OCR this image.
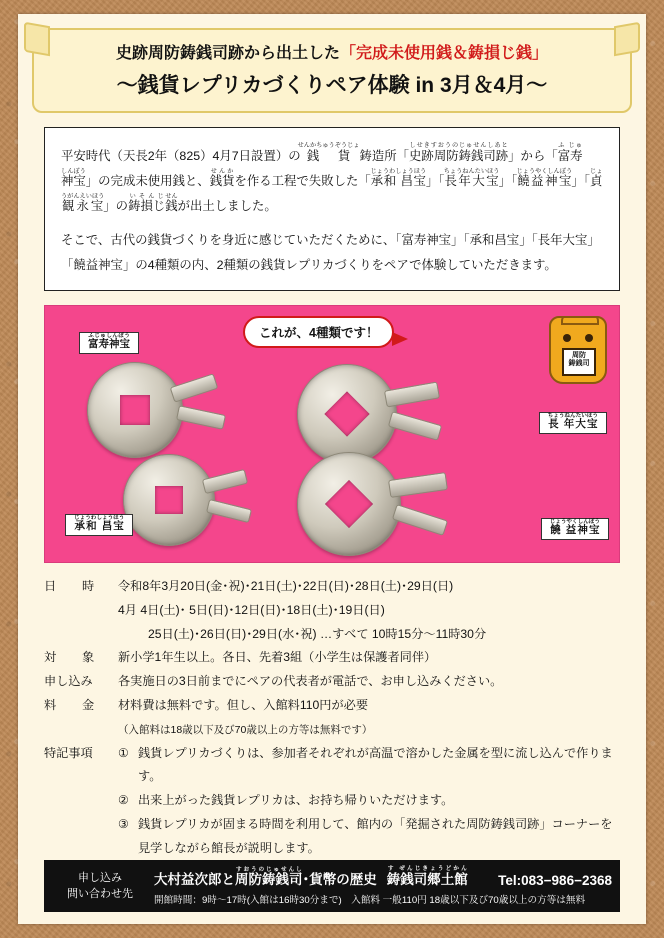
史跡周防鋳銭司跡から出土した「完成未使用銭＆鋳損じ銭」
〜銭貨レプリカづくりペア体験 in 3月＆4月〜

平安時代（天長2 年（825）4月7日設置）の銭貨せんかちゅうぞうじょ鋳造所「史跡周防鋳銭司跡しせきすおうのじゅせんしあと」から「富寿ふ じゅ神宝しんぽう」の完成未使用銭と、銭貨せんかを作る工程で失敗した「承和 昌宝じょうわしょうほう」「長年大宝ちょうねんたいほう」「饒益神宝じょうやくしんぽう」「貞観永宝じょうがんえいほう」の鋳損じいそんじ銭せんが出土しました。

そこで、古代の銭貨づくりを身近に感じていただくために、「富寿神宝」「承和昌宝」「長年大宝」「饒益神宝」の4種類の内、2種類の銭貨レプリカづくりをペアで体験していただきます。

これが、4種類です！
周防
鋳銭司
富寿神宝ふじゅしんぽう
長 年大宝ちょうねんたいほう
承和 昌宝じょうわしょうほう
饒 益神宝じょうやくしんぽう
日　　時	令和8年3月20日(金･祝)･21日(土)･22日(日)･28日(土)･29日(日)
4月 4日(土)･ 5日(日)･12日(日)･18日(土)･19日(日)
25日(土)･26日(日)･29日(水･祝) …すべて 10時15分〜11時30分
対　　象	新小学1年生以上。各日、先着3組（小学生は保護者同伴）
申し込み	各実施日の3日前までにペアの代表者が電話で、お申し込みください。
料　　金	材料費は無料です。但し、入館料110円が必要（入館料は18歳以下及び70歳以上の方等は無料です）
特記事項	① 銭貨レプリカづくりは、参加者それぞれが高温で溶かした金属を型に流し込んで作ります。
② 出来上がった銭貨レプリカは、お持ち帰りいただけます。
③ 銭貨レプリカが固まる時間を利用して、館内の「発掘された周防鋳銭司跡」コーナーを見学しながら館長が説明します。
申し込み
問い合わせ先
大村益次郎と周防鋳銭司すおうのじゅせんし･貨幣の歴史 鋳銭司郷土館す ぜんじきょうどかん
Tel:083−986−2368
開館時間：9時〜17時(入館は16時30分まで)　入館料 一般110円 18歳以下及び70歳以上の方等は無料
